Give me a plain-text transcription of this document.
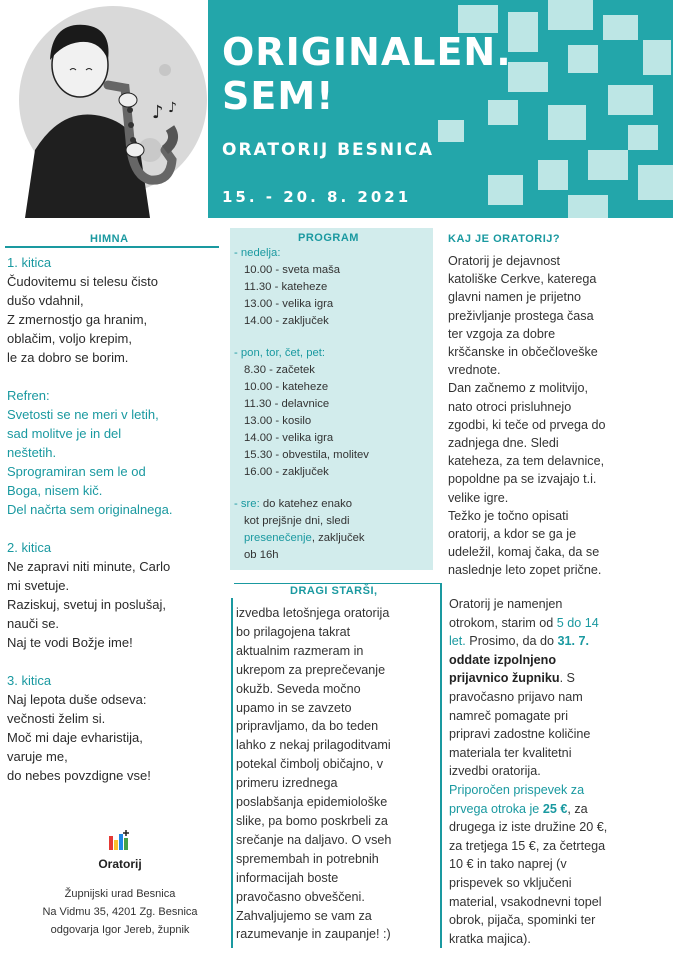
♪ ♪
ORIGINALEN.
SEM!
ORATORIJ BESNICA
15. - 20. 8. 2021
HIMNA
1. kitica
Čudovitemu si telesu čisto
dušo vdahnil,
Z zmernostjo ga hranim,
oblačim, voljo krepim,
le za dobro se borim.
Refren:
Svetosti se ne meri v letih,
sad molitve je in del
neštetih.
Sprogramiran sem le od
Boga, nisem kič.
Del načrta sem originalnega.
2. kitica
Ne zapravi niti minute, Carlo
mi svetuje.
Raziskuj, svetuj in poslušaj,
nauči se.
Naj te vodi Božje ime!
3. kitica
Naj lepota duše odseva:
večnosti želim si.
Moč mi daje evharistija,
varuje me,
do nebes povzdigne vse!
Oratorij
Župnijski urad Besnica
Na Vidmu 35, 4201 Zg. Besnica
odgovarja Igor Jereb, župnik
PROGRAM
- nedelja:
10.00 - sveta maša
11.30 - kateheze
13.00 - velika igra
14.00 - zaključek
- pon, tor, čet, pet:
8.30 - začetek
10.00 - kateheze
11.30 - delavnice
13.00 - kosilo
14.00 - velika igra
15.30 - obvestila, molitev
16.00 - zaključek
- sre: do katehez enako
kot prejšnje dni, sledi
presenečenje, zaključek
ob 16h
KAJ JE ORATORIJ?
Oratorij je dejavnost
katoliške Cerkve, katerega
glavni namen je prijetno
preživljanje prostega časa
ter vzgoja za dobre
krščanske in občečloveške
vrednote.
Dan začnemo z molitvijo,
nato otroci prisluhnejo
zgodbi, ki teče od prvega do
zadnjega dne. Sledi
kateheza, za tem delavnice,
popoldne pa se izvajajo t.i.
velike igre.
Težko je točno opisati
oratorij, a kdor se ga je
udeležil, komaj čaka, da se
naslednje leto zopet prične.
DRAGI STARŠI,
izvedba letošnjega oratorija
bo prilagojena takrat
aktualnim razmeram in
ukrepom za preprečevanje
okužb. Seveda močno
upamo in se zavzeto
pripravljamo, da bo teden
lahko z nekaj prilagoditvami
potekal čimbolj običajno, v
primeru izrednega
poslabšanja epidemiološke
slike, pa bomo poskrbeli za
srečanje na daljavo. O vseh
spremembah in potrebnih
informacijah boste
pravočasno obveščeni.
Zahvaljujemo se vam za
razumevanje in zaupanje! :)
Oratorij je namenjen
otrokom, starim od 5 do 14
let. Prosimo, da do 31. 7.
oddate izpolnjeno
prijavnico župniku. S
pravočasno prijavo nam
namreč pomagate pri
pripravi zadostne količine
materiala ter kvalitetni
izvedbi oratorija.
Priporočen prispevek za
prvega otroka je 25 €, za
drugega iz iste družine 20 €,
za tretjega 15 €, za četrtega
10 € in tako naprej (v
prispevek so vključeni
material, vsakodnevni topel
obrok, pijača, spominki ter
kratka majica).
